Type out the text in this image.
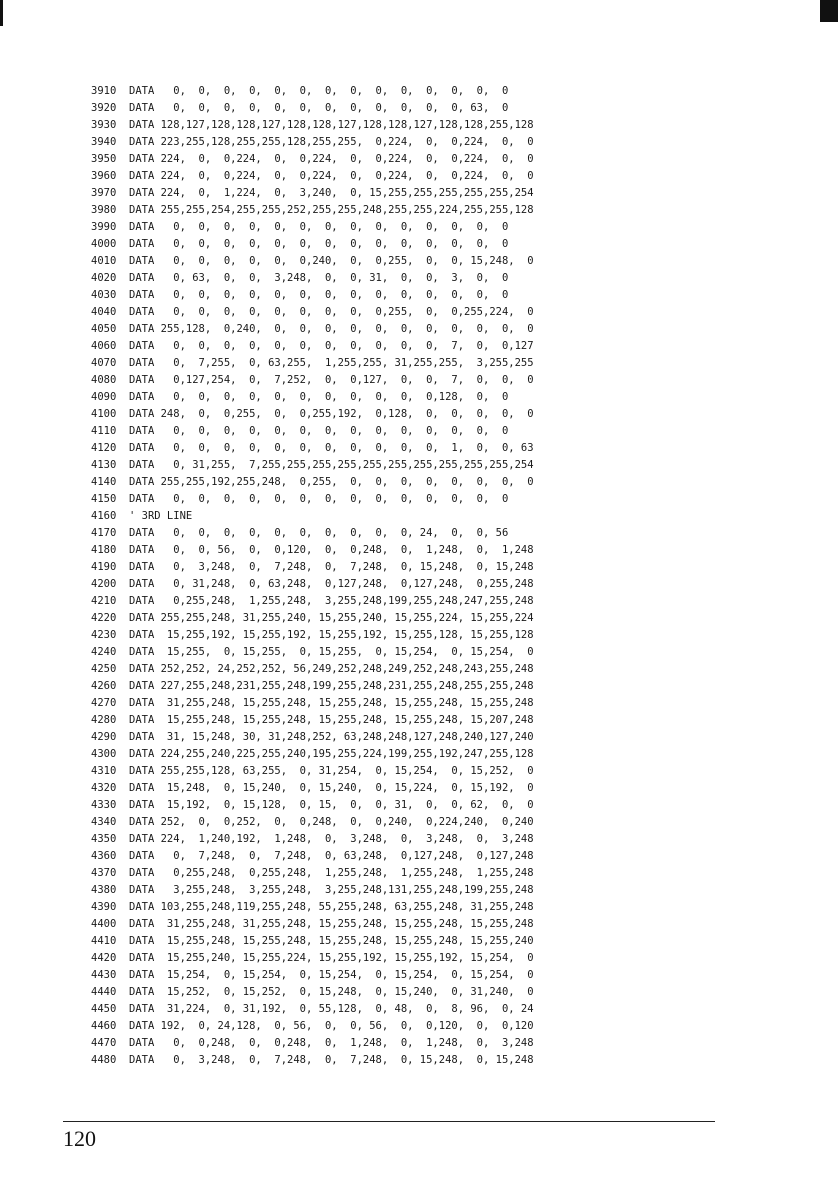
3910 DATA   0,  0,  0,  0,  0,  0,  0,  0,  0,  0,  0,  0,  0,  0
3920 DATA   0,  0,  0,  0,  0,  0,  0,  0,  0,  0,  0,  0, 63,  0
3930 DATA 128,127,128,128,127,128,128,127,128,128,127,128,128,255,128
3940 DATA 223,255,128,255,255,128,255,255,  0,224,  0,  0,224,  0,  0
3950 DATA 224,  0,  0,224,  0,  0,224,  0,  0,224,  0,  0,224,  0,  0
3960 DATA 224,  0,  0,224,  0,  0,224,  0,  0,224,  0,  0,224,  0,  0
3970 DATA 224,  0,  1,224,  0,  3,240,  0, 15,255,255,255,255,255,254
3980 DATA 255,255,254,255,255,252,255,255,248,255,255,224,255,255,128
3990 DATA   0,  0,  0,  0,  0,  0,  0,  0,  0,  0,  0,  0,  0,  0
4000 DATA   0,  0,  0,  0,  0,  0,  0,  0,  0,  0,  0,  0,  0,  0
4010 DATA   0,  0,  0,  0,  0,  0,240,  0,  0,255,  0,  0, 15,248,  0
4020 DATA   0, 63,  0,  0,  3,248,  0,  0, 31,  0,  0,  3,  0,  0
4030 DATA   0,  0,  0,  0,  0,  0,  0,  0,  0,  0,  0,  0,  0,  0
4040 DATA   0,  0,  0,  0,  0,  0,  0,  0,  0,255,  0,  0,255,224,  0
4050 DATA 255,128,  0,240,  0,  0,  0,  0,  0,  0,  0,  0,  0,  0,  0
4060 DATA   0,  0,  0,  0,  0,  0,  0,  0,  0,  0,  0,  7,  0,  0,127
4070 DATA   0,  7,255,  0, 63,255,  1,255,255, 31,255,255,  3,255,255
4080 DATA   0,127,254,  0,  7,252,  0,  0,127,  0,  0,  7,  0,  0,  0
4090 DATA   0,  0,  0,  0,  0,  0,  0,  0,  0,  0,  0,128,  0,  0
4100 DATA 248,  0,  0,255,  0,  0,255,192,  0,128,  0,  0,  0,  0,  0
4110 DATA   0,  0,  0,  0,  0,  0,  0,  0,  0,  0,  0,  0,  0,  0
4120 DATA   0,  0,  0,  0,  0,  0,  0,  0,  0,  0,  0,  1,  0,  0, 63
4130 DATA   0, 31,255,  7,255,255,255,255,255,255,255,255,255,255,254
4140 DATA 255,255,192,255,248,  0,255,  0,  0,  0,  0,  0,  0,  0,  0
4150 DATA   0,  0,  0,  0,  0,  0,  0,  0,  0,  0,  0,  0,  0,  0
4160 ' 3RD LINE
4170 DATA   0,  0,  0,  0,  0,  0,  0,  0,  0,  0, 24,  0,  0, 56
4180 DATA   0,  0, 56,  0,  0,120,  0,  0,248,  0,  1,248,  0,  1,248
4190 DATA   0,  3,248,  0,  7,248,  0,  7,248,  0, 15,248,  0, 15,248
4200 DATA   0, 31,248,  0, 63,248,  0,127,248,  0,127,248,  0,255,248
4210 DATA   0,255,248,  1,255,248,  3,255,248,199,255,248,247,255,248
4220 DATA 255,255,248, 31,255,240, 15,255,240, 15,255,224, 15,255,224
4230 DATA  15,255,192, 15,255,192, 15,255,192, 15,255,128, 15,255,128
4240 DATA  15,255,  0, 15,255,  0, 15,255,  0, 15,254,  0, 15,254,  0
4250 DATA 252,252, 24,252,252, 56,249,252,248,249,252,248,243,255,248
4260 DATA 227,255,248,231,255,248,199,255,248,231,255,248,255,255,248
4270 DATA  31,255,248, 15,255,248, 15,255,248, 15,255,248, 15,255,248
4280 DATA  15,255,248, 15,255,248, 15,255,248, 15,255,248, 15,207,248
4290 DATA  31, 15,248, 30, 31,248,252, 63,248,248,127,248,240,127,240
4300 DATA 224,255,240,225,255,240,195,255,224,199,255,192,247,255,128
4310 DATA 255,255,128, 63,255,  0, 31,254,  0, 15,254,  0, 15,252,  0
4320 DATA  15,248,  0, 15,240,  0, 15,240,  0, 15,224,  0, 15,192,  0
4330 DATA  15,192,  0, 15,128,  0, 15,  0,  0, 31,  0,  0, 62,  0,  0
4340 DATA 252,  0,  0,252,  0,  0,248,  0,  0,240,  0,224,240,  0,240
4350 DATA 224,  1,240,192,  1,248,  0,  3,248,  0,  3,248,  0,  3,248
4360 DATA   0,  7,248,  0,  7,248,  0, 63,248,  0,127,248,  0,127,248
4370 DATA   0,255,248,  0,255,248,  1,255,248,  1,255,248,  1,255,248
4380 DATA   3,255,248,  3,255,248,  3,255,248,131,255,248,199,255,248
4390 DATA 103,255,248,119,255,248, 55,255,248, 63,255,248, 31,255,248
4400 DATA  31,255,248, 31,255,248, 15,255,248, 15,255,248, 15,255,248
4410 DATA  15,255,248, 15,255,248, 15,255,248, 15,255,248, 15,255,240
4420 DATA  15,255,240, 15,255,224, 15,255,192, 15,255,192, 15,254,  0
4430 DATA  15,254,  0, 15,254,  0, 15,254,  0, 15,254,  0, 15,254,  0
4440 DATA  15,252,  0, 15,252,  0, 15,248,  0, 15,240,  0, 31,240,  0
4450 DATA  31,224,  0, 31,192,  0, 55,128,  0, 48,  0,  8, 96,  0, 24
4460 DATA 192,  0, 24,128,  0, 56,  0,  0, 56,  0,  0,120,  0,  0,120
4470 DATA   0,  0,248,  0,  0,248,  0,  1,248,  0,  1,248,  0,  3,248
4480 DATA   0,  3,248,  0,  7,248,  0,  7,248,  0, 15,248,  0, 15,248
120
